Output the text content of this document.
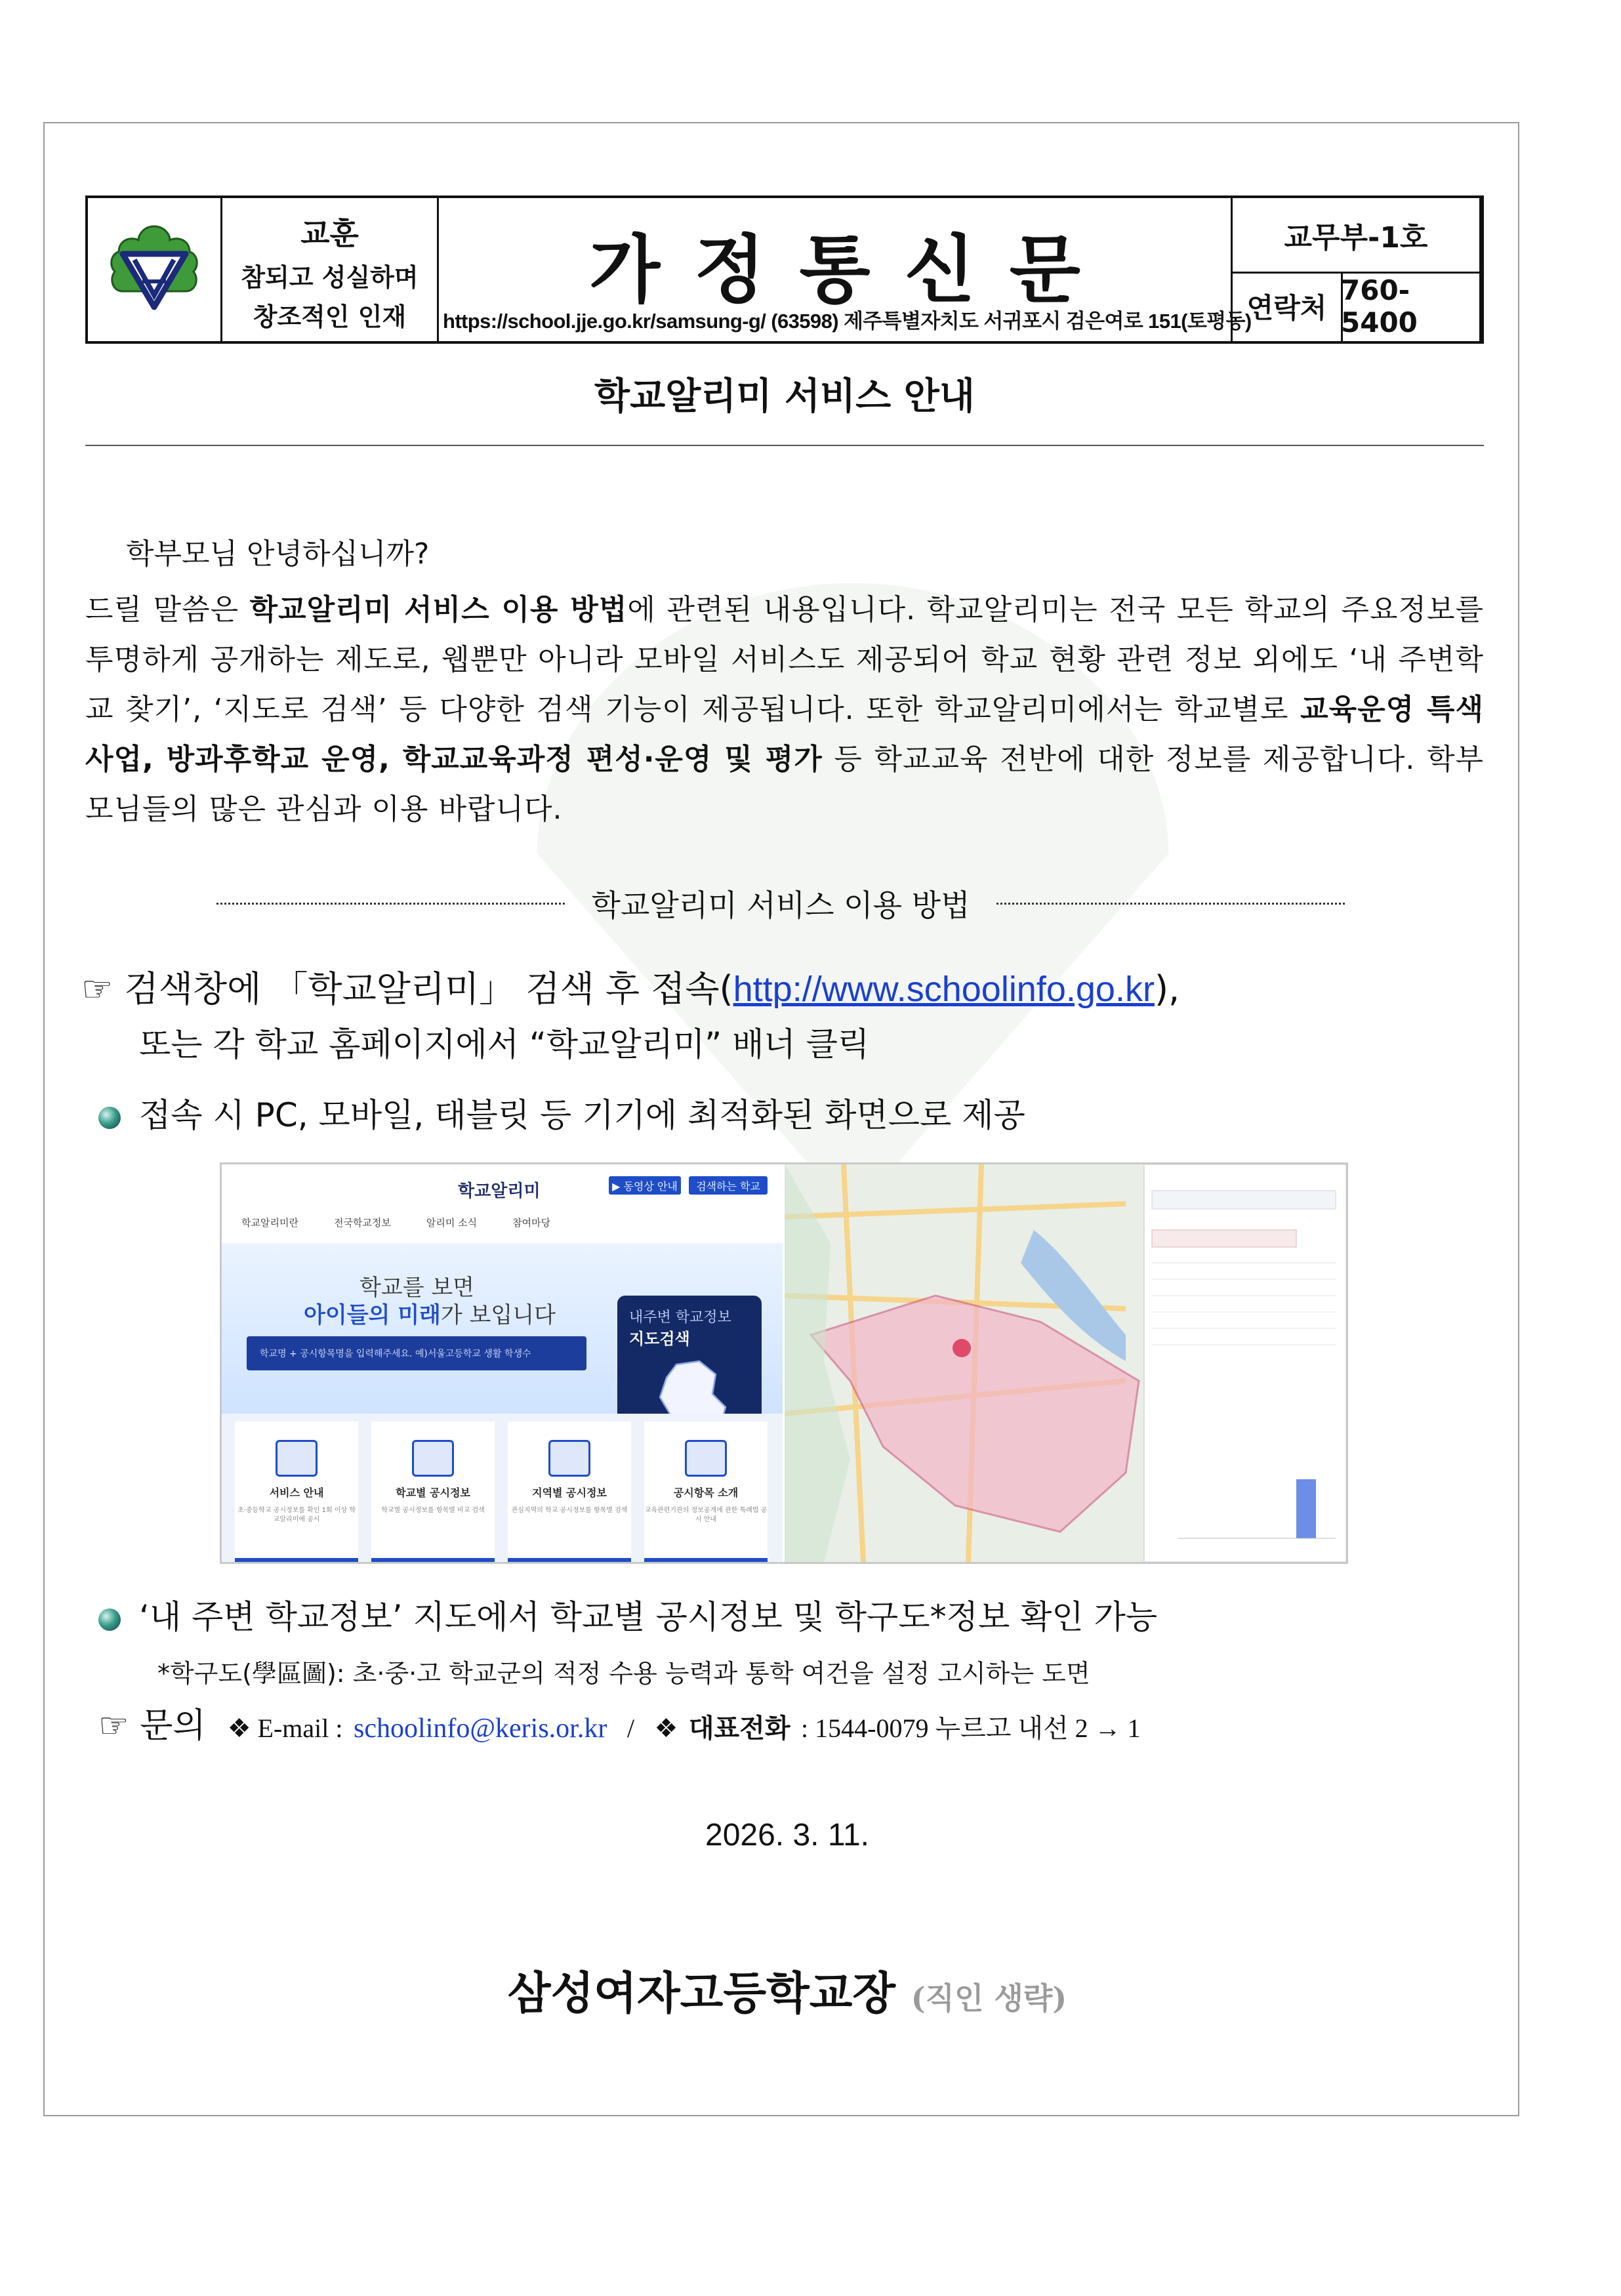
교훈
참되고 성실하며
창조적인 인재
가정통신문
https://school.jje.go.kr/samsung-g/ (63598) 제주특별자치도 서귀포시 검은여로 151(토평동)
교무부-1호
연락처
760-5400
학교알리미 서비스 안내
학부모님 안녕하십니까?
드릴 말씀은 학교알리미 서비스 이용 방법에 관련된 내용입니다. 학교알리미는 전국 모든 학교의 주요정보를 투명하게 공개하는 제도로, 웹뿐만 아니라 모바일 서비스도 제공되어 학교 현황 관련 정보 외에도 ‘내 주변학교 찾기’, ‘지도로 검색’ 등 다양한 검색 기능이 제공됩니다. 또한 학교알리미에서는 학교별로 교육운영 특색사업, 방과후학교 운영, 학교교육과정 편성·운영 및 평가 등 학교교육 전반에 대한 정보를 제공합니다. 학부모님들의 많은 관심과 이용 바랍니다.
학교알리미 서비스 이용 방법
☞ 검색창에 「학교알리미」 검색 후 접속(http://www.schoolinfo.go.kr),
또는 각 학교 홈페이지에서 “학교알리미” 배너 클릭
접속 시 PC, 모바일, 태블릿 등 기기에 최적화된 화면으로 제공
학교알리미	▶ 동영상 안내	검색하는 학교
학교알리미란	전국학교정보	알리미 소식	참여마당
학교를 보면
아이들의 미래가 보입니다
학교명 + 공시항목명을 입력해주세요. 예)서울고등학교 생활 학생수
내주변 학교정보
지도검색
서비스 안내
초·중등학교 공시정보를 확인 1회 이상 학교알리미에 공시
학교별 공시정보
학교별 공시정보를 항목별 비교 검색
지역별 공시정보
관심지역의 학교 공시정보를 항목별 검색
공시항목 소개
교육관련기관의 정보공개에 관한 특례법 공시 안내
‘내 주변 학교정보’ 지도에서 학교별 공시정보 및 학구도*정보 확인 가능
*학구도(學區圖): 초·중·고 학교군의 적정 수용 능력과 통학 여건을 설정 고시하는 도면
☞ 문의 ❖ E-mail : schoolinfo@keris.or.kr / ❖ 대표전화 : 1544-0079 누르고 내선 2 → 1
2026. 3. 11.
삼성여자고등학교장 (직인 생략)
